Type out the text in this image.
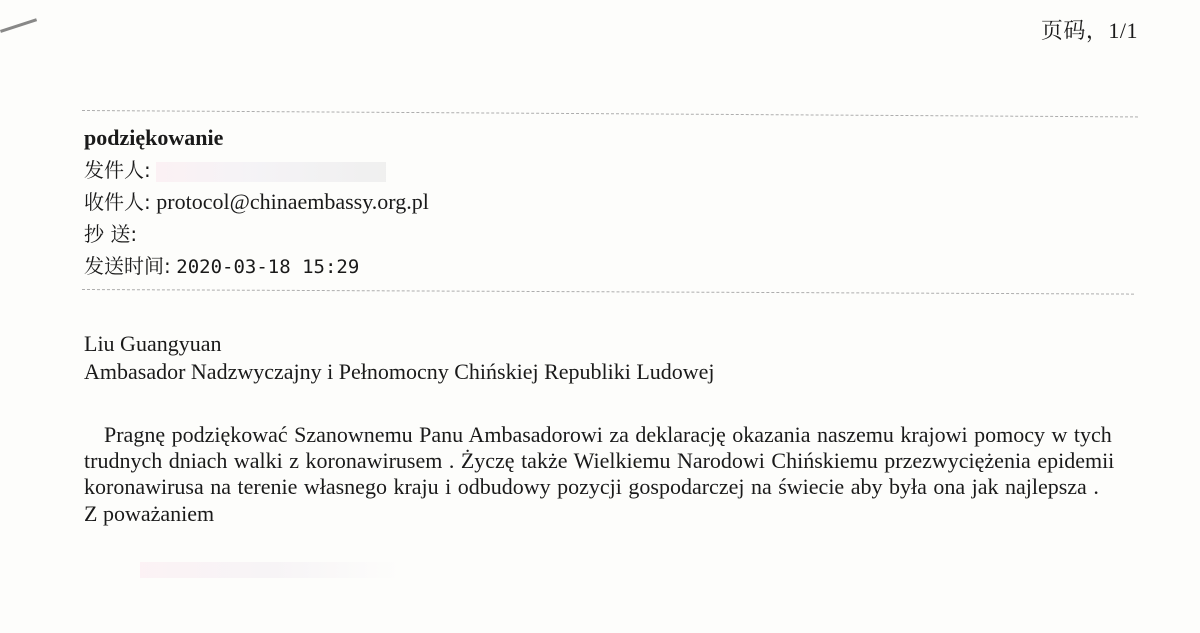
页码，1/1
podziękowanie
发件人:
收件人: protocol@chinaembassy.org.pl
抄 送:
发送时间: 2020-03-18 15:29

Liu Guangyuan

Ambasador Nadzwyczajny i Pełnomocny Chińskiej Republiki Ludowej

Pragnę podziękować Szanownemu Panu Ambasadorowi za deklarację okazania naszemu krajowi pomocy w tych trudnych dniach walki z koronawirusem . Życzę także Wielkiemu Narodowi Chińskiemu przezwyciężenia epidemii koronawirusa na terenie własnego kraju i odbudowy pozycji gospodarczej na świecie aby była ona jak najlepsza .

Z poważaniem
